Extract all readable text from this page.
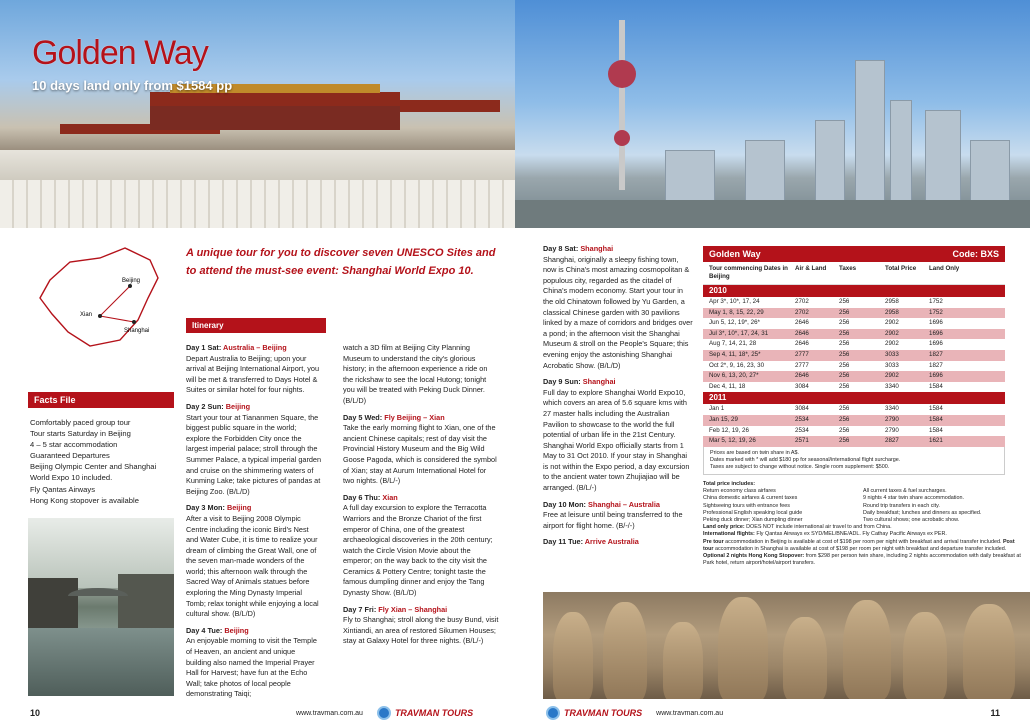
Golden Way
10 days land only from $1584 pp
Beijing
Xian
Shanghai
Facts File
Comfortably paced group tour
Tour starts Saturday in Beijing
4 – 5 star accommodation
Guaranteed Departures
Beijing Olympic Center and Shanghai
World Expo 10 included.
Fly Qantas Airways
Hong Kong stopover is available
A unique tour for you to discover seven UNESCO Sites and to attend the must-see event: Shanghai World Expo 10.
Itinerary
Day 1 Sat: Australia – Beijing
Depart Australia to Beijing; upon your arrival at Beijing International Airport, you will be met & transferred to Days Hotel & Suites or similar hotel for four nights.
Day 2 Sun: Beijing
Start your tour at Tiananmen Square, the biggest public square in the world; explore the Forbidden City once the largest imperial palace; stroll through the Summer Palace, a typical imperial garden and cruise on the shimmering waters of Kunming Lake; take pictures of pandas at Beijing Zoo. (B/L/D)
Day 3 Mon: Beijing
After a visit to Beijing 2008 Olympic Centre including the iconic Bird's Nest and Water Cube, it is time to realize your dream of climbing the Great Wall, one of the seven man-made wonders of the world; this afternoon walk through the Sacred Way of Animals statues before exploring the Ming Dynasty Imperial Tomb; relax tonight while enjoying a local cultural show. (B/L/D)
Day 4 Tue: Beijing
An enjoyable morning to visit the Temple of Heaven, an ancient and unique building also named the Imperial Prayer Hall for Harvest; have fun at the Echo Wall; take photos of local people demonstrating Taiqi;
watch a 3D film at Beijing City Planning Museum to understand the city's glorious history; in the afternoon experience a ride on the rickshaw to see the local Hutong; tonight you will be treated with Peking Duck Dinner. (B/L/D)
Day 5 Wed: Fly Beijing – Xian
Take the early morning flight to Xian, one of the ancient Chinese capitals; rest of day visit the Provincial History Museum and the Big Wild Goose Pagoda, which is considered the symbol of Xian; stay at Aurum International Hotel for two nights. (B/L/-)
Day 6 Thu: Xian
A full day excursion to explore the Terracotta Warriors and the Bronze Chariot of the first emperor of China, one of the greatest archaeological discoveries in the 20th century; watch the Circle Vision Movie about the emperor; on the way back to the city visit the Ceramics & Pottery Centre; tonight taste the famous dumpling dinner and enjoy the Tang Dynasty Show. (B/L/D)
Day 7 Fri: Fly Xian – Shanghai
Fly to Shanghai; stroll along the busy Bund, visit Xintiandi, an area of restored Sikumen Houses; stay at Galaxy Hotel for three nights. (B/L/-)
Day 8 Sat: Shanghai
Shanghai, originally a sleepy fishing town, now is China's most amazing cosmopolitan & populous city, regarded as the citadel of China's modern economy. Start your tour in the old Chinatown followed by Yu Garden, a classical Chinese garden with 30 pavilions linked by a maze of corridors and bridges over a pond; in the afternoon visit the Shanghai Museum & stroll on the People's Square; this evening enjoy the astonishing Shanghai Acrobatic Show. (B/L/D)
Day 9 Sun: Shanghai
Full day to explore Shanghai World Expo10, which covers an area of 5.6 square kms with 27 master halls including the Australian Pavilion to showcase to the world the full potential of urban life in the 21st Century. Shanghai World Expo officially starts from 1 May to 31 Oct 2010. If your stay in Shanghai is not within the Expo period, a day excursion to the ancient water town Zhujiajiao will be arranged. (B/L/-)
Day 10 Mon: Shanghai – Australia
Free at leisure until being transferred to the airport for flight home. (B/-/-)
Day 11 Tue: Arrive Australia
Golden Way	Code: BXS
Tour commencing Dates in Beijing
Air & Land	Taxes	Total Price	Land Only
2010
Apr 3*, 10*, 17, 24	2702	256	2958	1752
May 1, 8, 15, 22, 29	2702	256	2958	1752
Jun 5, 12, 19*, 26*	2646	256	2902	1696
Jul 3*, 10*, 17, 24, 31	2646	256	2902	1696
Aug 7, 14, 21, 28	2646	256	2902	1696
Sep 4, 11, 18*, 25*	2777	256	3033	1827
Oct 2*, 9, 16, 23, 30	2777	256	3033	1827
Nov 6, 13, 20, 27*	2646	256	2902	1696
Dec 4, 11, 18	3084	256	3340	1584
2011
Jan 1	3084	256	3340	1584
Jan 15, 29	2534	256	2790	1584
Feb 12, 19, 26	2534	256	2790	1584
Mar 5, 12, 19, 26	2571	256	2827	1621
Prices are based on twin share in A$.
Dates marked with * will add $180 pp for seasonal/international flight surcharge.
Taxes are subject to change without notice. Single room supplement: $500.
Total price includes:
Return economy class airfares	All current taxes & fuel surcharges.
China domestic airfares & current taxes	9 nights 4 star twin share accommodation.
Sightseeing tours with entrance fees	Round trip transfers in each city.
Professional English speaking local guide	Daily breakfast; lunches and dinners as specified.
Peking duck dinner; Xian dumpling dinner	Two cultural shows; one acrobatic show.
Land only price: DOES NOT include international air travel to and from China.
International flights: Fly Qantas Airways ex SYD/MEL/BNE/ADL. Fly Cathay Pacific Airways ex PER.
Pre tour accommodation in Beijing is available at cost of $198 per room per night with breakfast and arrival transfer included. Post tour accommodation in Shanghai is available at cost of $198 per room per night with breakfast and departure transfer included.
Optional 2 nights Hong Kong Stopover: from $298 per person twin share, including 2 nights accommodation with daily breakfast at Park hotel, return airport/hotel/airport transfers.
10	www.travman.com.au	TRAVMAN TOURS	TRAVMAN TOURS www.travman.com.au	11
